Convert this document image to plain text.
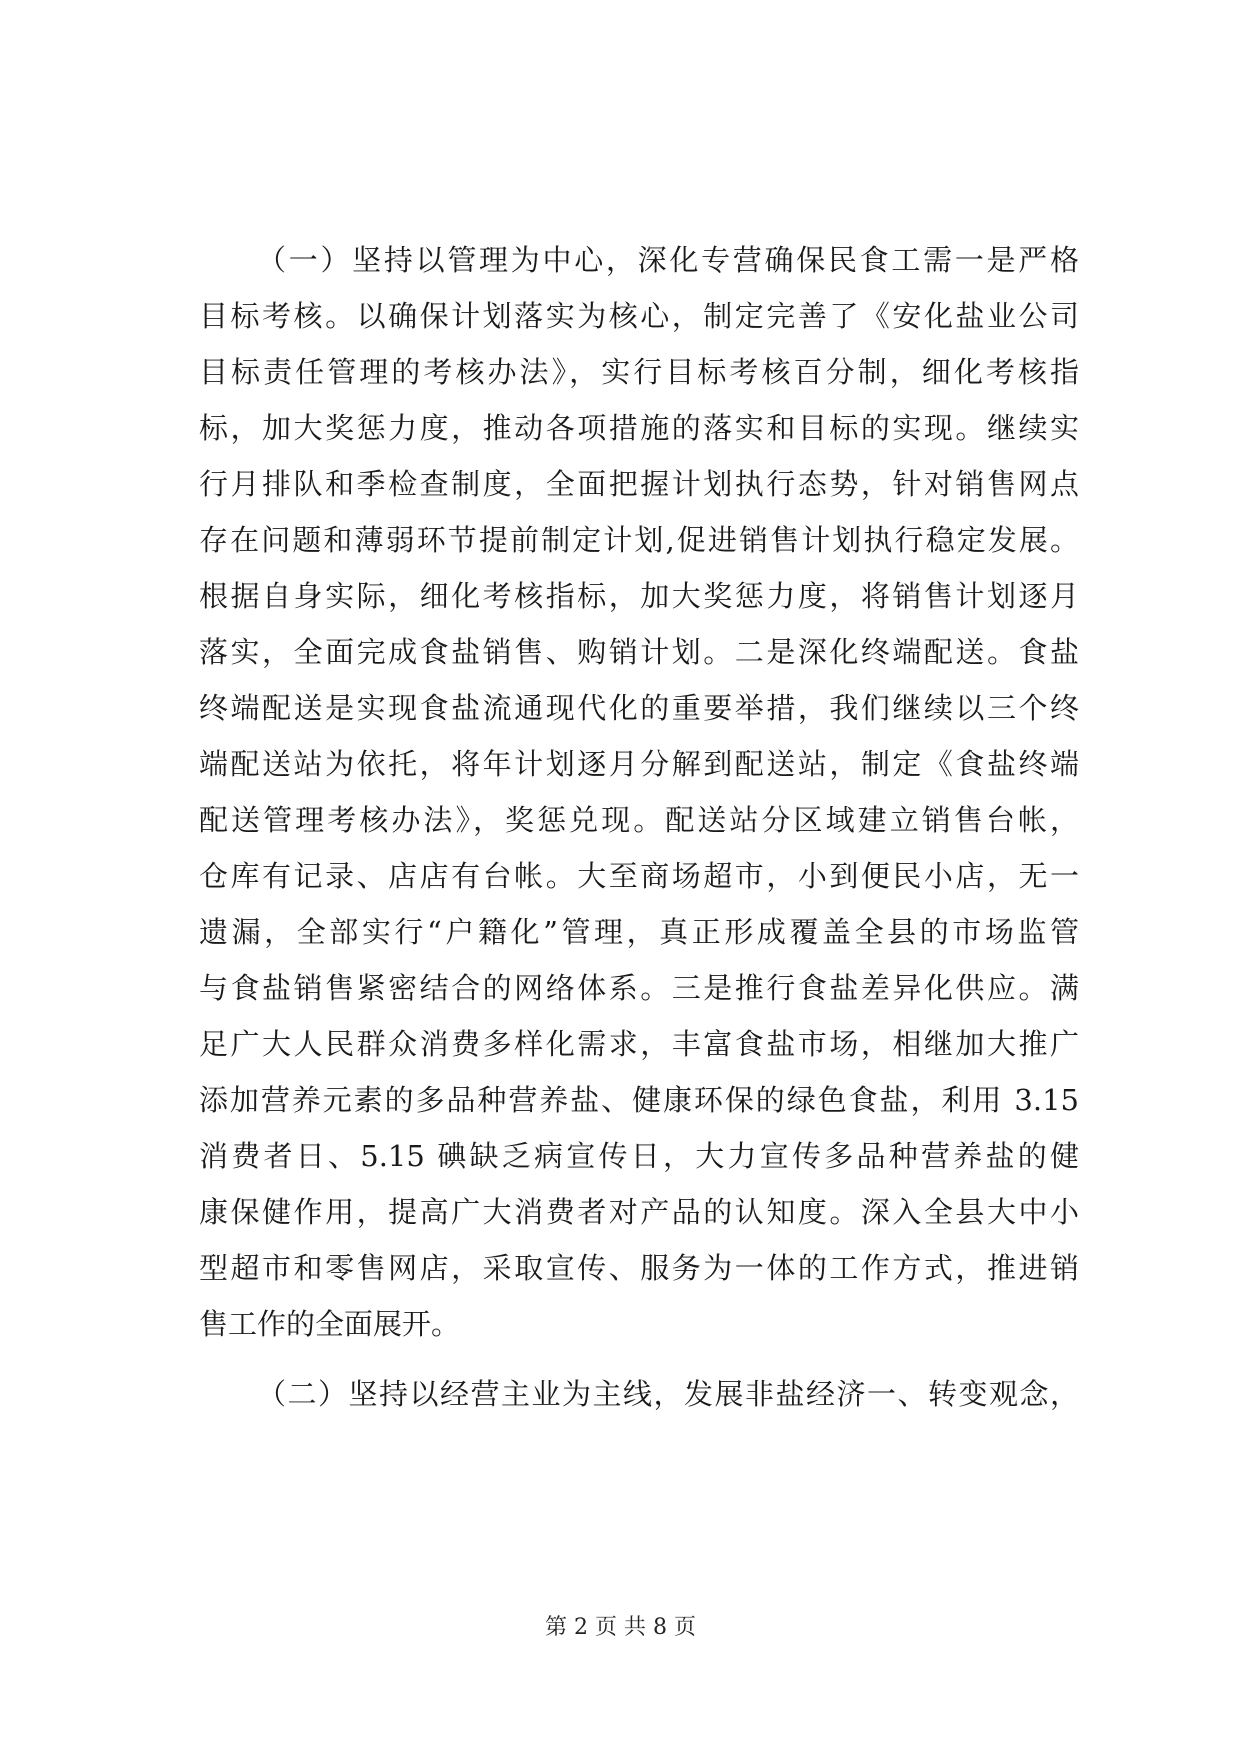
（一）坚持以管理为中心，深化专营确保民食工需一是严格
目标考核。以确保计划落实为核心，制定完善了《安化盐业公司
目标责任管理的考核办法》，实行目标考核百分制，细化考核指
标，加大奖惩力度，推动各项措施的落实和目标的实现。继续实
行月排队和季检查制度，全面把握计划执行态势，针对销售网点
存在问题和薄弱环节提前制定计划,促进销售计划执行稳定发展。
根据自身实际，细化考核指标，加大奖惩力度，将销售计划逐月
落实，全面完成食盐销售、购销计划。二是深化终端配送。食盐
终端配送是实现食盐流通现代化的重要举措，我们继续以三个终
端配送站为依托，将年计划逐月分解到配送站，制定《食盐终端
配送管理考核办法》，奖惩兑现。配送站分区域建立销售台帐，
仓库有记录、店店有台帐。大至商场超市，小到便民小店，无一
遗漏，全部实行“户籍化”管理，真正形成覆盖全县的市场监管
与食盐销售紧密结合的网络体系。三是推行食盐差异化供应。满
足广大人民群众消费多样化需求，丰富食盐市场，相继加大推广
添加营养元素的多品种营养盐、健康环保的绿色食盐，利用 3.15
消费者日、5.15 碘缺乏病宣传日，大力宣传多品种营养盐的健
康保健作用，提高广大消费者对产品的认知度。深入全县大中小
型超市和零售网店，采取宣传、服务为一体的工作方式，推进销
售工作的全面展开。
（二）坚持以经营主业为主线，发展非盐经济一、转变观念，
第 2 页 共 8 页
